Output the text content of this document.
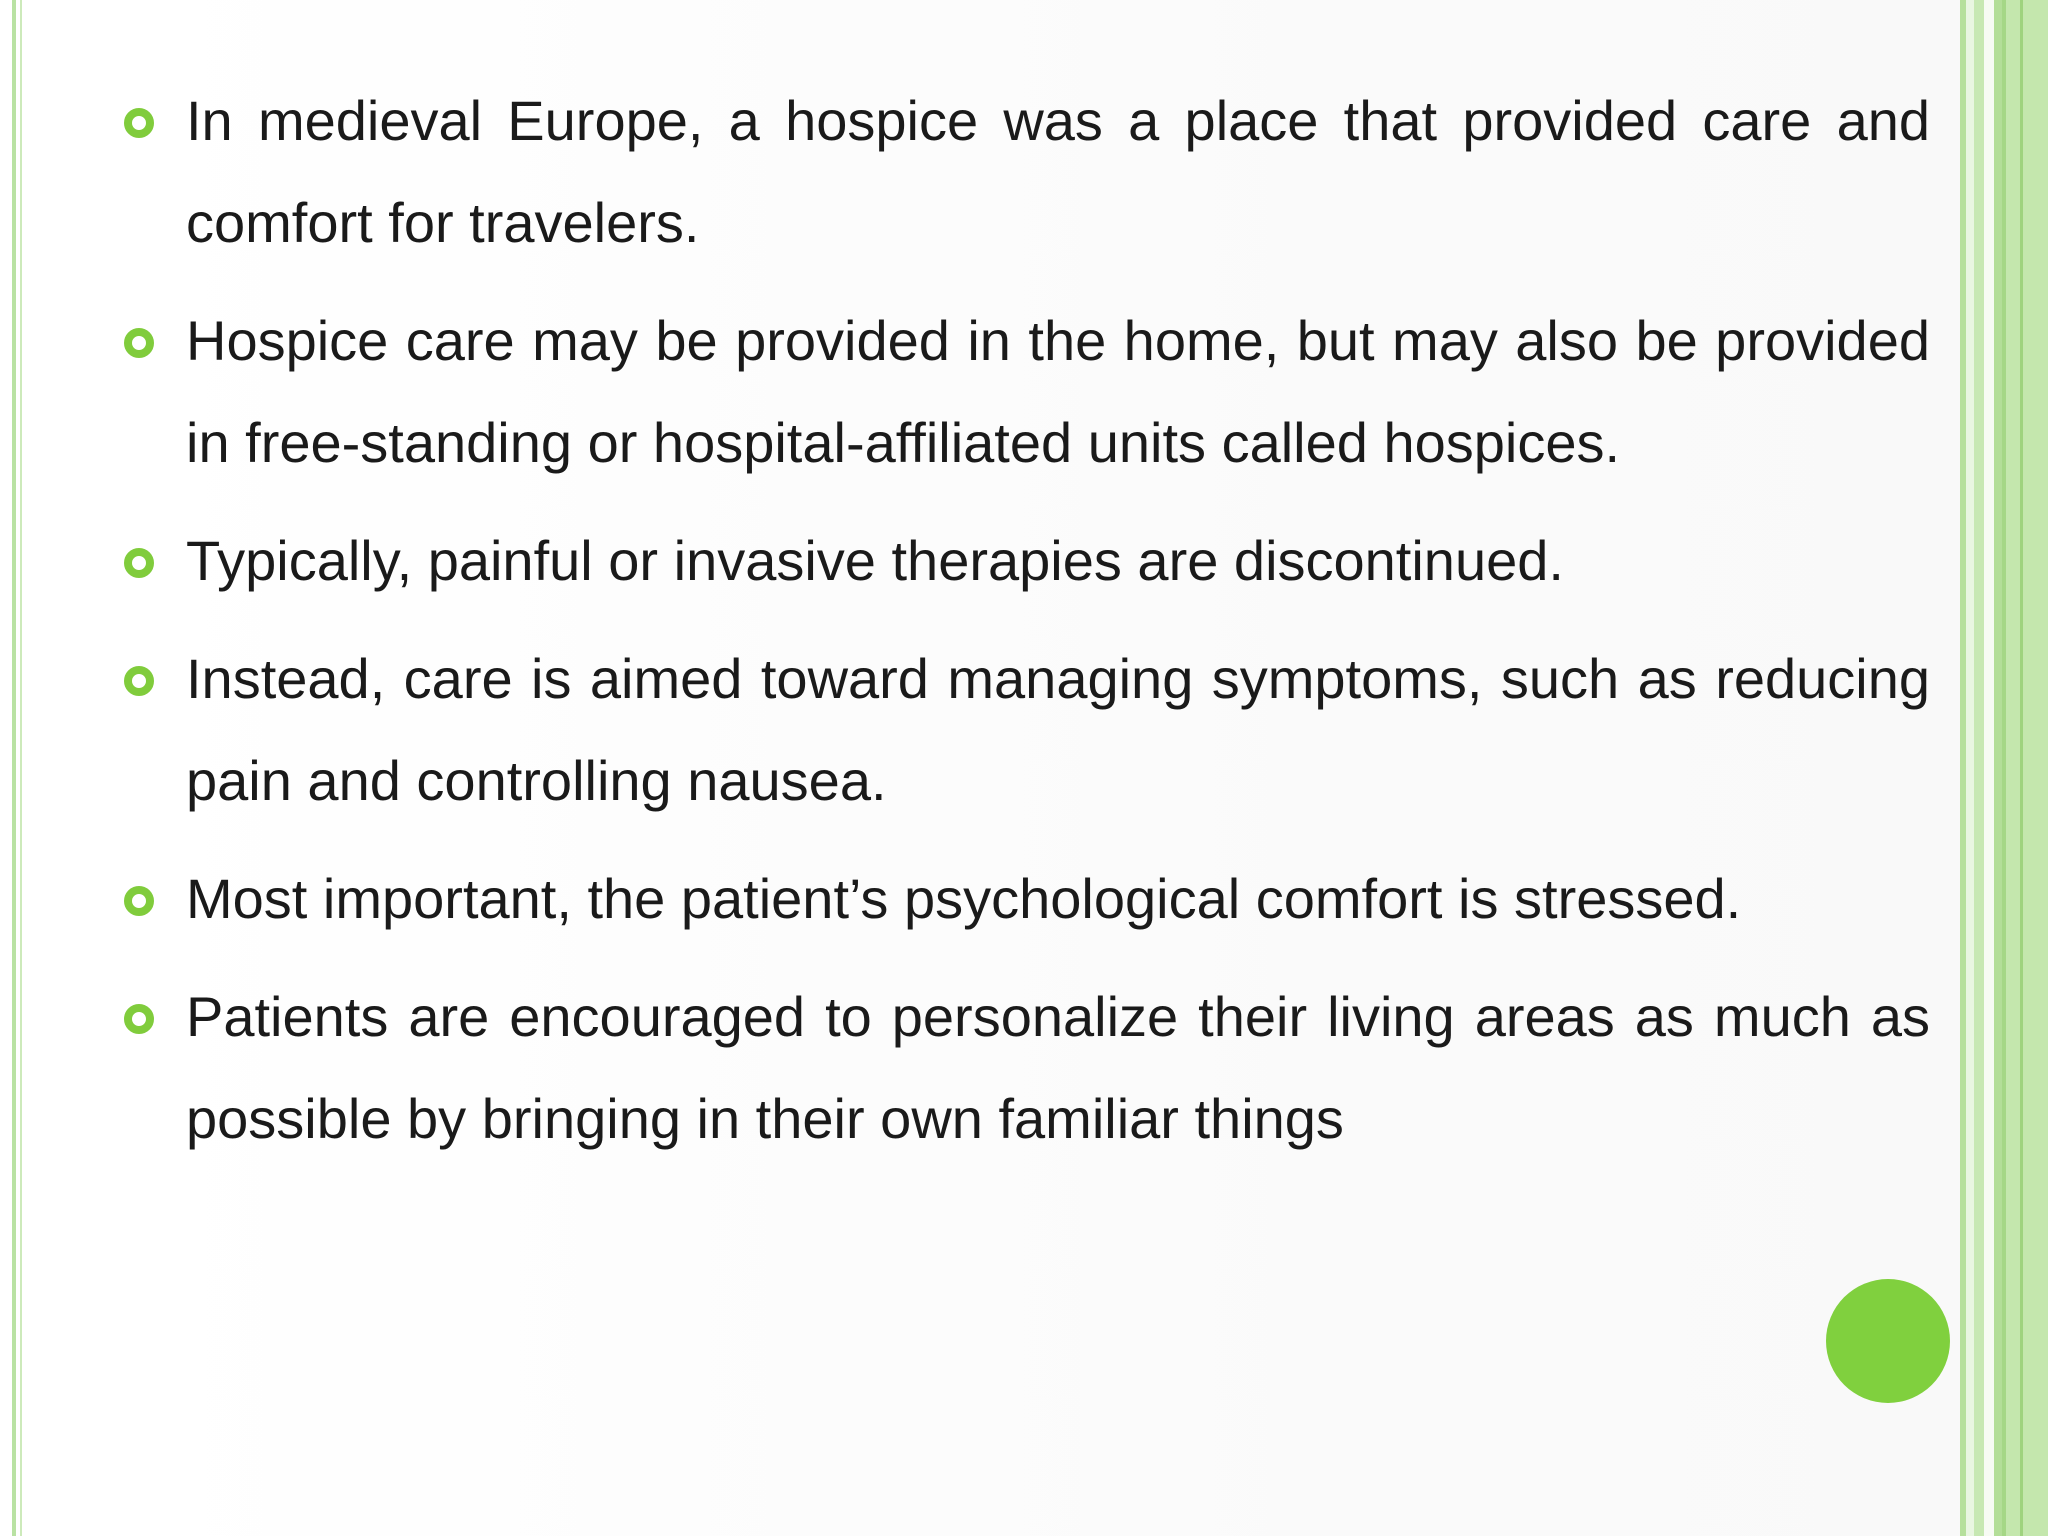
In medieval Europe, a hospice was a place that provided care and comfort for travelers.
Hospice care may be provided in the home, but may also be provided in free-standing or hospital-affiliated units called hospices.
Typically, painful or invasive therapies are discontinued.
Instead, care is aimed toward managing symptoms, such as reducing pain and controlling nausea.
Most important, the patient’s psychological comfort is stressed.
Patients are encouraged to personalize their living areas as much as possible by bringing in their own familiar things
